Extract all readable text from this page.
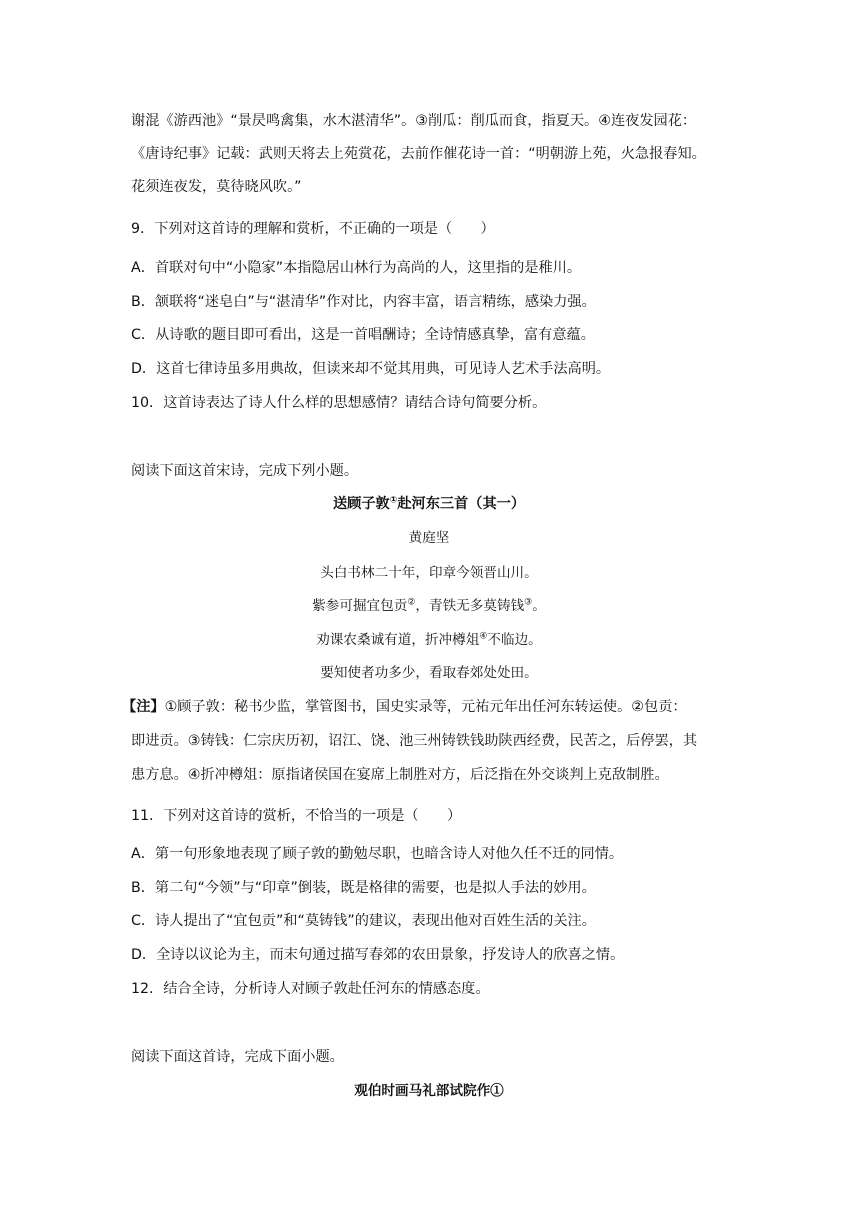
谢混《游西池》“景昃鸣禽集，水木湛清华”。③削瓜：削瓜而食，指夏天。④连夜发园花：
《唐诗纪事》记载：武则天将去上苑赏花，去前作催花诗一首：“明朝游上苑，火急报春知。
花须连夜发，莫待晓风吹。”
9．下列对这首诗的理解和赏析，不正确的一项是（　　）
A．首联对句中“小隐家”本指隐居山林行为高尚的人，这里指的是稚川。
B．颔联将“迷皂白”与“湛清华”作对比，内容丰富，语言精练，感染力强。
C．从诗歌的题目即可看出，这是一首唱酬诗；全诗情感真挚，富有意蕴。
D．这首七律诗虽多用典故，但读来却不觉其用典，可见诗人艺术手法高明。
10．这首诗表达了诗人什么样的思想感情？请结合诗句简要分析。
阅读下面这首宋诗，完成下列小题。
送顾子敦①赴河东三首（其一）
黄庭坚
头白书林二十年，印章今领晋山川。
紫参可掘宜包贡②，青铁无多莫铸钱③。
劝课农桑诚有道，折冲樽俎④不临边。
要知使者功多少，看取春郊处处田。
【注】①顾子敦：秘书少监，掌管图书，国史实录等，元祐元年出任河东转运使。②包贡：
即进贡。③铸钱：仁宗庆历初，诏江、饶、池三州铸铁钱助陕西经费，民苦之，后停罢，其
患方息。④折冲樽俎：原指诸侯国在宴席上制胜对方，后泛指在外交谈判上克敌制胜。
11．下列对这首诗的赏析，不恰当的一项是（　　）
A．第一句形象地表现了顾子敦的勤勉尽职，也暗含诗人对他久任不迁的同情。
B．第二句“今领”与“印章”倒装，既是格律的需要，也是拟人手法的妙用。
C．诗人提出了“宜包贡”和“莫铸钱”的建议，表现出他对百姓生活的关注。
D．全诗以议论为主，而末句通过描写春郊的农田景象，抒发诗人的欣喜之情。
12．结合全诗，分析诗人对顾子敦赴任河东的情感态度。
阅读下面这首诗，完成下面小题。
观伯时画马礼部试院作①
